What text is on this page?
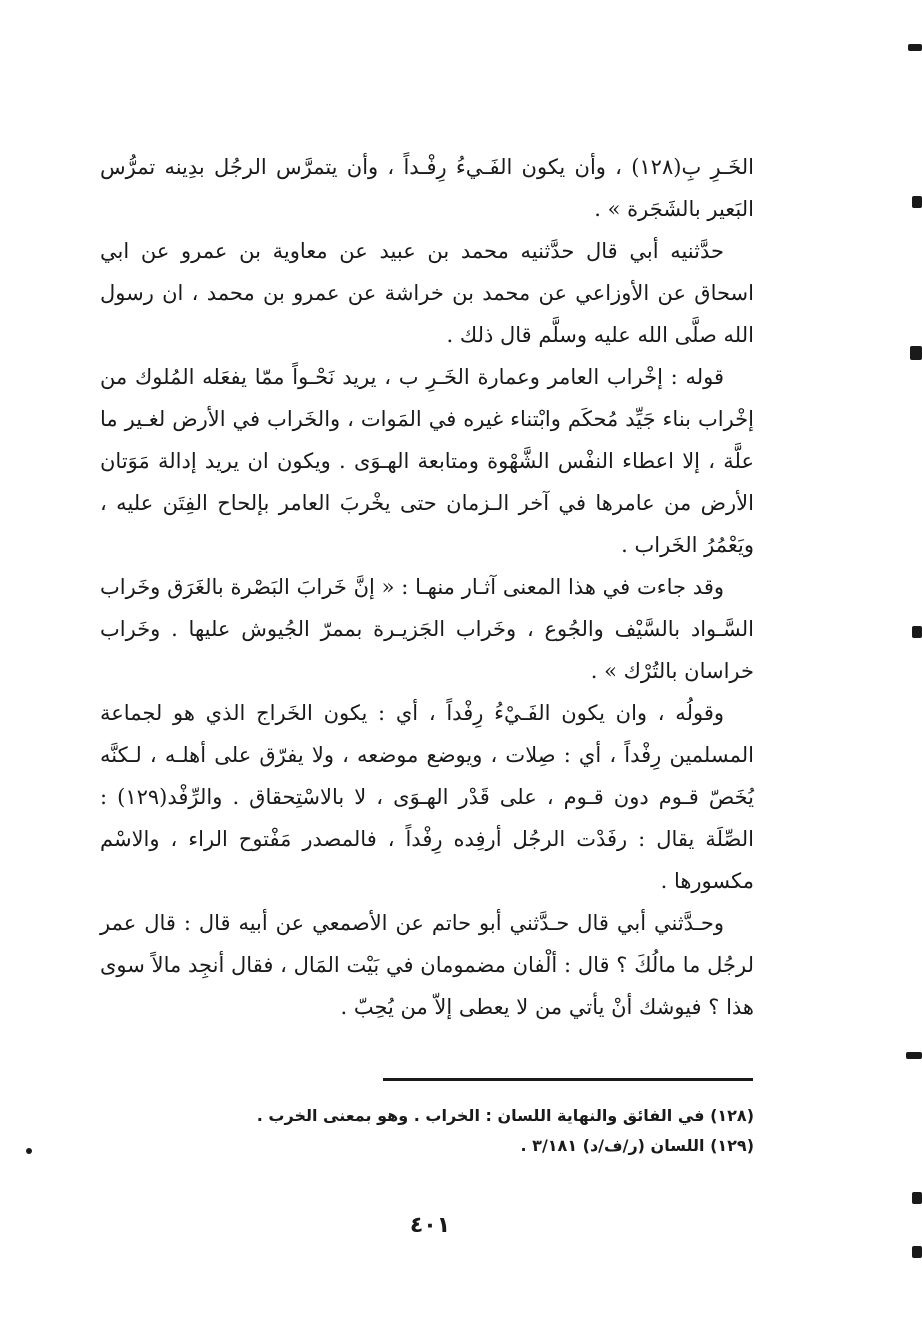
الخَـرِ بِ(١٢٨) ، وأن يكون الفَـيءُ رِفْـداً ، وأن يتمرَّس الرجُل بدِينه تمرُّس البَعير بالشَجَرة » .

حدَّثنيه أبي قال حدَّثنيه محمد بن عبيد عن معاوية بن عمرو عن ابي اسحاق عن الأوزاعي عن محمد بن خراشة عن عمرو بن محمد ، ان رسول الله صلَّى الله عليه وسلَّم قال ذلك .

قوله : إخْراب العامر وعمارة الخَـرِ ب ، يريد نَحْـواً ممّا يفعَله المُلوك من إخْراب بناء جَيِّد مُحكَم وابْتناء غيره في المَوات ، والخَراب في الأرض لغـير ما علَّة ، إلا اعطاء النفْس الشَّهْوة ومتابعة الهـوَى . ويكون ان يريد إدالة مَوَتان الأرض من عامرها في آخر الـزمان حتى يخْربَ العامر بإلحاح الفِتَن عليه ، ويَعْمُرُ الخَراب .

وقد جاءت في هذا المعنى آثـار منهـا : « إنَّ خَرابَ البَصْرة بالغَرَق وخَراب السَّـواد بالسَّيْف والجُوع ، وخَراب الجَزيـرة بممرّ الجُيوش عليها . وخَراب خراسان بالتُرْك » .

وقولُه ، وان يكون الفَـيْءُ رِفْداً ، أي : يكون الخَراج الذي هو لجماعة المسلمين رِفْداً ، أي : صِلات ، ويوضع موضعه ، ولا يفرّق على أهلـه ، لـكنَّه يُخَصّ قـوم دون قـوم ، على قَدْر الهـوَى ، لا بالاسْتِحقاق . والرِّفْد(١٢٩) : الصِّلَة يقال : رفَدْت الرجُل أرفِده رِفْداً ، فالمصدر مَفْتوح الراء ، والاسْم مكسورها .

وحـدَّثني أبي قال حـدَّثني أبو حاتم عن الأصمعي عن أبيه قال : قال عمر لرجُل ما مالُكَ ؟ قال : ألْفان مضمومان في بَيْت المَال ، فقال أنجِد مالاً سوى هذا ؟ فيوشك أنْ يأتي من لا يعطى إلاّ من يُحِبّ .

(١٢٨) في الفائق والنهاية اللسان : الخراب . وهو بمعنى الخرب .

(١٢٩) اللسان (ر/ف/د) ٣/١٨١ .

٤٠١
